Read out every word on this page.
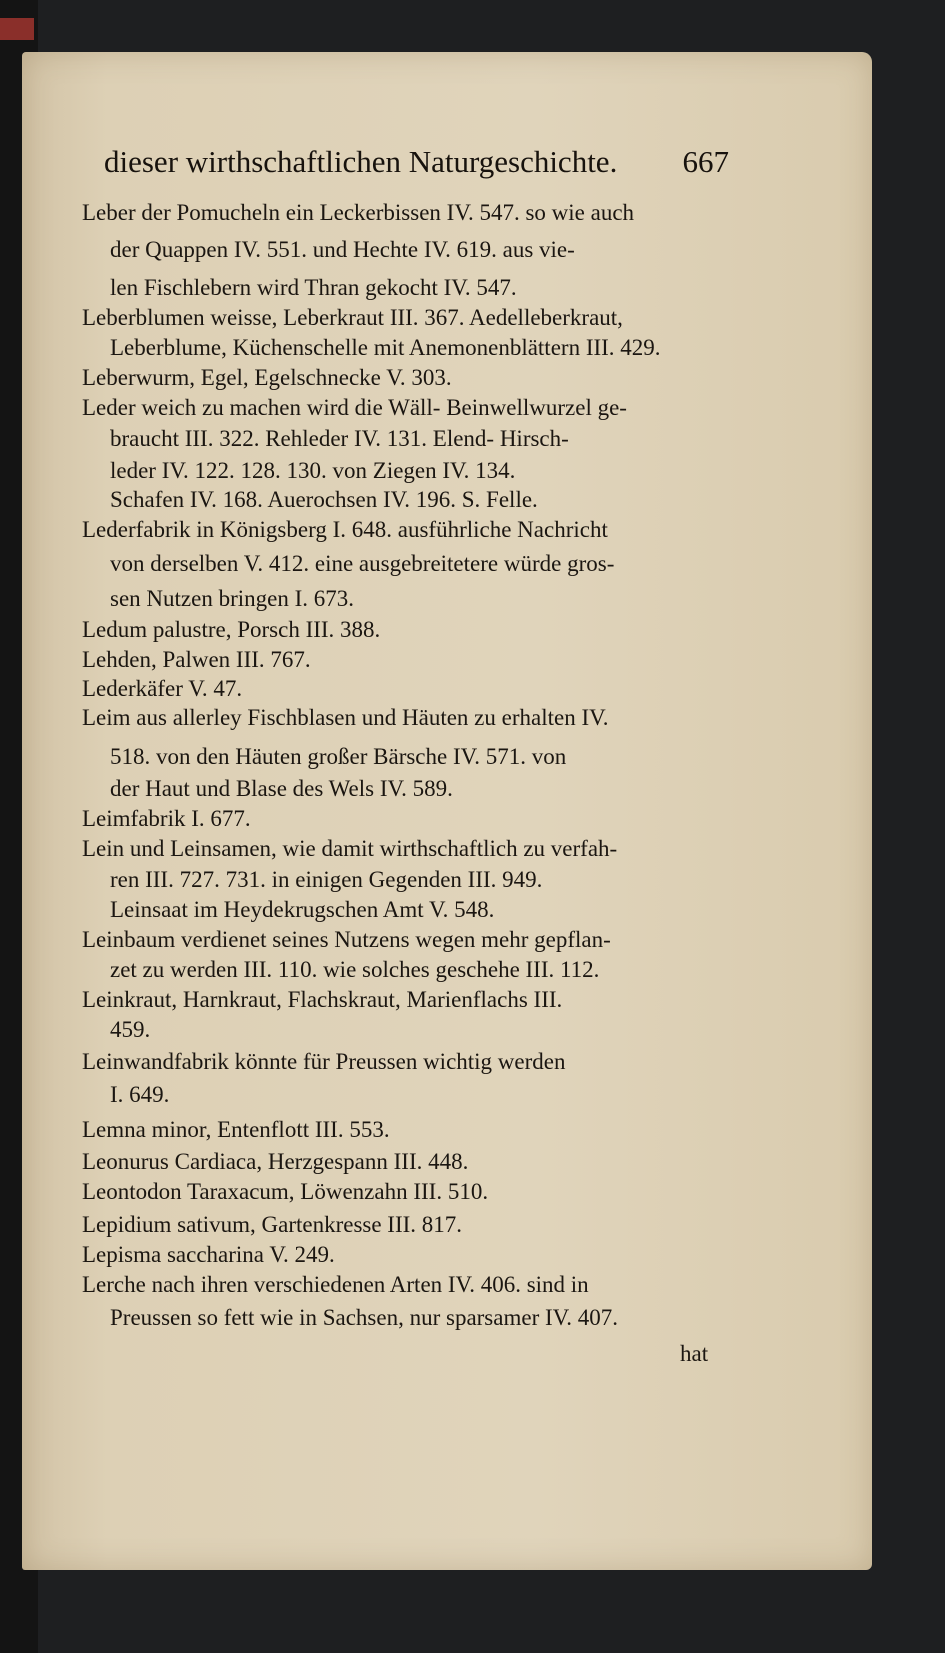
dieser wirthschaftlichen Naturgeschichte. 667
Leber der Pomucheln ein Leckerbissen IV. 547. so wie auch
der Quappen IV. 551. und Hechte IV. 619. aus vie-
len Fischlebern wird Thran gekocht IV. 547.
Leberblumen weisse, Leberkraut III. 367. Aedelleberkraut,
Leberblume, Küchenschelle mit Anemonenblättern III. 429.
Leberwurm, Egel, Egelschnecke V. 303.
Leder weich zu machen wird die Wäll- Beinwellwurzel ge-
braucht III. 322. Rehleder IV. 131. Elend- Hirsch-
leder IV. 122. 128. 130. von Ziegen IV. 134.
Schafen IV. 168. Auerochsen IV. 196. S. Felle.
Lederfabrik in Königsberg I. 648. ausführliche Nachricht
von derselben V. 412. eine ausgebreitetere würde gros-
sen Nutzen bringen I. 673.
Ledum palustre, Porsch III. 388.
Lehden, Palwen III. 767.
Lederkäfer V. 47.
Leim aus allerley Fischblasen und Häuten zu erhalten IV.
518. von den Häuten großer Bärsche IV. 571. von
der Haut und Blase des Wels IV. 589.
Leimfabrik I. 677.
Lein und Leinsamen, wie damit wirthschaftlich zu verfah-
ren III. 727. 731. in einigen Gegenden III. 949.
Leinsaat im Heydekrugschen Amt V. 548.
Leinbaum verdienet seines Nutzens wegen mehr gepflan-
zet zu werden III. 110. wie solches geschehe III. 112.
Leinkraut, Harnkraut, Flachskraut, Marienflachs III.
459.
Leinwandfabrik könnte für Preussen wichtig werden
I. 649.
Lemna minor, Entenflott III. 553.
Leonurus Cardiaca, Herzgespann III. 448.
Leontodon Taraxacum, Löwenzahn III. 510.
Lepidium sativum, Gartenkresse III. 817.
Lepisma saccharina V. 249.
Lerche nach ihren verschiedenen Arten IV. 406. sind in
Preussen so fett wie in Sachsen, nur sparsamer IV. 407.
hat
